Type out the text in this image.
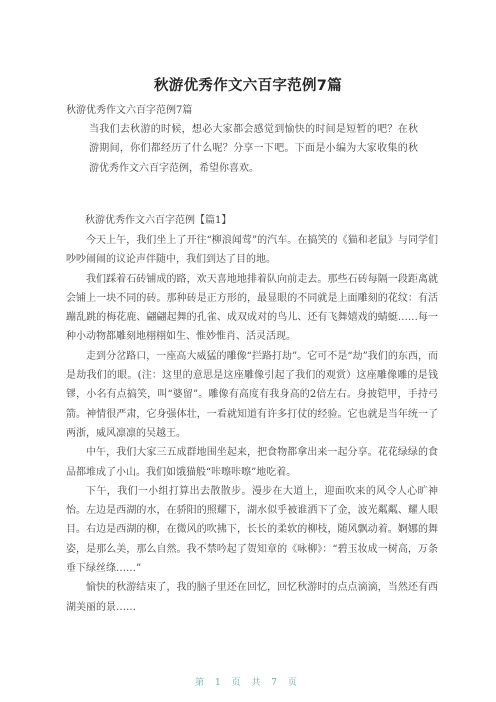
秋游优秀作文六百字范例7篇
秋游优秀作文六百字范例7篇
当我们去秋游的时候，想必大家都会感觉到愉快的时间是短暂的吧？在秋游期间，你们都经历了什么呢？分享一下吧。下面是小编为大家收集的秋游优秀作文六百字范例，希望你喜欢。
秋游优秀作文六百字范例【篇1】

今天上午，我们坐上了开往“柳浪闻莺”的汽车。在搞笑的《猫和老鼠》与同学们吵吵闹闹的议论声伴随中，我们到达了目的地。

我们踩着石砖铺成的路，欢天喜地地排着队向前走去。那些石砖每隔一段距离就会铺上一块不同的砖。那种砖是正方形的，最显眼的不同就是上面雕刻的花纹：有活蹦乱跳的梅花鹿、翩翩起舞的孔雀、成双成对的鸟儿、还有飞舞嬉戏的蜻蜓……每一种小动物都雕刻地栩栩如生、惟妙惟肖、活灵活现。

走到分岔路口，一座高大威猛的雕像“拦路打劫”。它可不是“劫”我们的东西，而是劫我们的眼。(注：这里的意思是这座雕像引起了我们的观赏）这座雕像雕的是钱镠，小名有点搞笑，叫“婆留”。雕像有高度有我身高的2倍左右。身披铠甲，手持弓箭。神情很严肃，它身强体壮，一看就知道有许多打仗的经验。它也就是当年统一了两浙，威风凛凛的吴越王。

中午，我们大家三五成群地围坐起来，把食物都拿出来一起分享。花花绿绿的食品都堆成了小山。我们如饿猫般“咔嚓咔嚓”地吃着。

下午，我们一小组打算出去散散步。漫步在大道上，迎面吹来的风令人心旷神怡。左边是西湖的水，在骄阳的照耀下，湖水似乎被谁洒下了金，波光粼粼、耀人眼目。右边是西湖的柳，在微风的吹拂下，长长的柔软的柳枝，随风飘动着。婀娜的舞姿，是那么美，那么自然。我不禁吟起了贺知章的《咏柳》：“碧玉妆成一树高，万条垂下绿丝绦……”

愉快的秋游结束了，我的脑子里还在回忆，回忆秋游时的点点滴滴，当然还有西湖美丽的景……

第 1 页 共 7 页
